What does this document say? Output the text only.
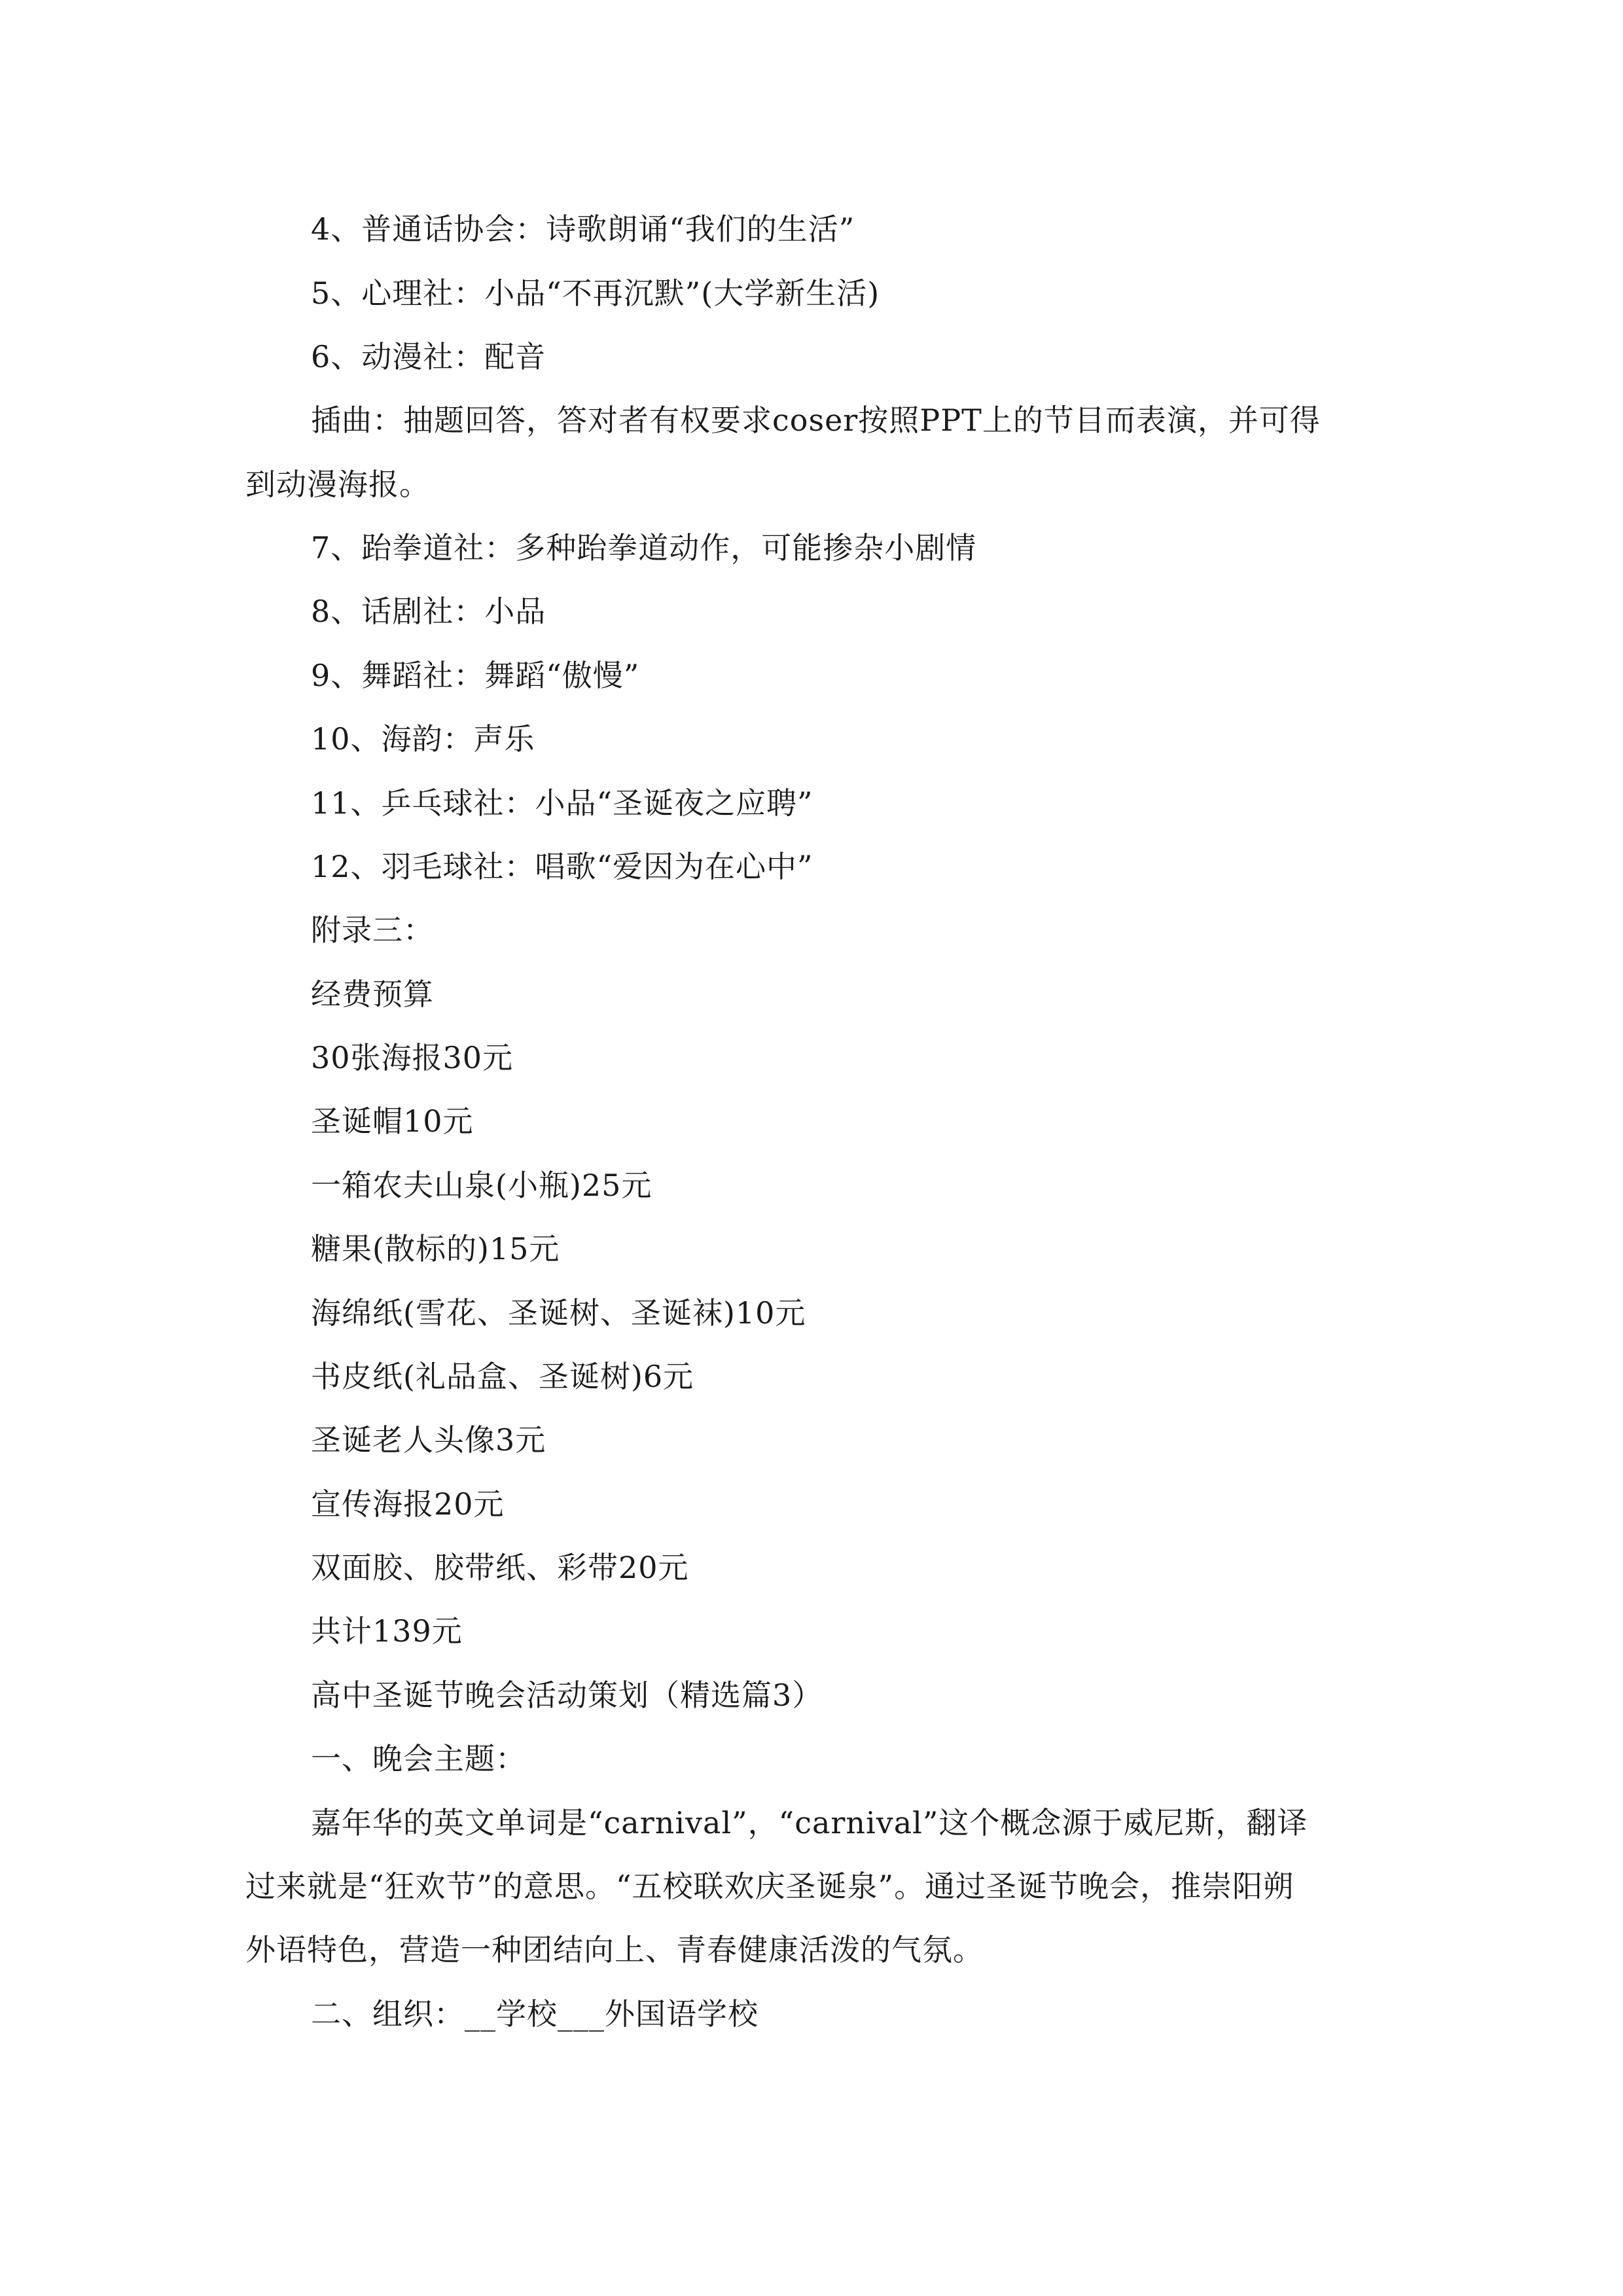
4、普通话协会：诗歌朗诵“我们的生活”
5、心理社：小品“不再沉默”(大学新生活)
6、动漫社：配音
插曲：抽题回答，答对者有权要求coser按照PPT上的节目而表演，并可得
到动漫海报。
7、跆拳道社：多种跆拳道动作，可能掺杂小剧情
8、话剧社：小品
9、舞蹈社：舞蹈“傲慢”
10、海韵：声乐
11、乒乓球社：小品“圣诞夜之应聘”
12、羽毛球社：唱歌“爱因为在心中”
附录三：
经费预算
30张海报30元
圣诞帽10元
一箱农夫山泉(小瓶)25元
糖果(散标的)15元
海绵纸(雪花、圣诞树、圣诞袜)10元
书皮纸(礼品盒、圣诞树)6元
圣诞老人头像3元
宣传海报20元
双面胶、胶带纸、彩带20元
共计139元
高中圣诞节晚会活动策划（精选篇3）
一、晚会主题：
嘉年华的英文单词是“carnival”，“carnival”这个概念源于威尼斯，翻译
过来就是“狂欢节”的意思。“五校联欢庆圣诞泉”。通过圣诞节晚会，推崇阳朔
外语特色，营造一种团结向上、青春健康活泼的气氛。
二、组织：__学校___外国语学校
